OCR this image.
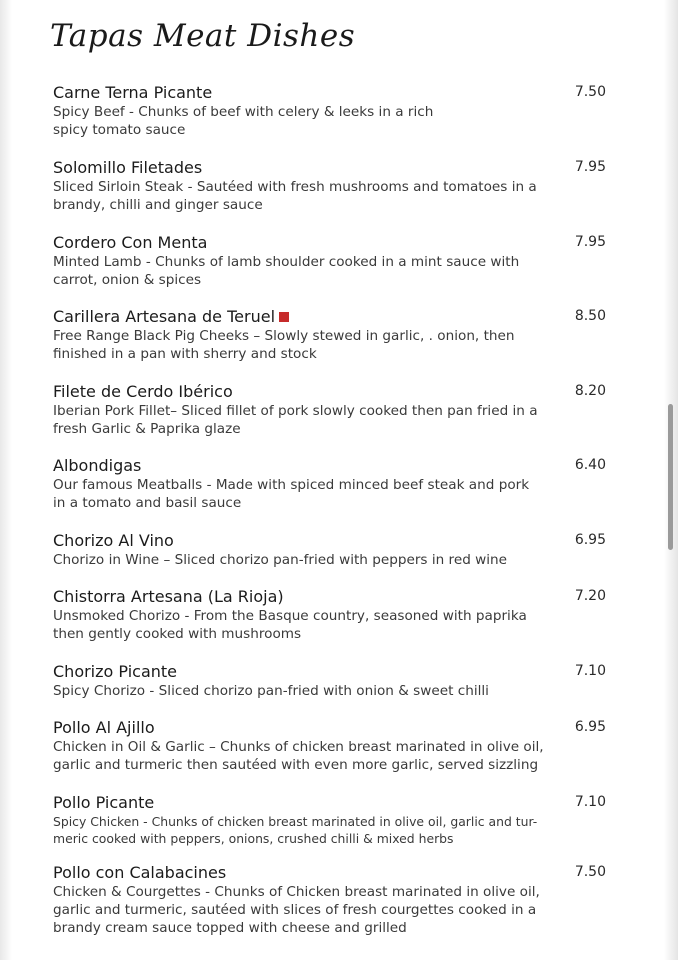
Tapas Meat Dishes
Carne Terna Picante
Spicy Beef - Chunks of beef with celery & leeks in a rich
spicy tomato sauce
7.50
Solomillo Filetades
Sliced Sirloin Steak - Sautéed with fresh mushrooms and tomatoes in a
brandy, chilli and ginger sauce
7.95
Cordero Con Menta
Minted Lamb - Chunks of lamb shoulder cooked in a mint sauce with
carrot, onion & spices
7.95
Carillera Artesana de Teruel
Free Range Black Pig Cheeks – Slowly stewed in garlic, . onion, then
finished in a pan with sherry and stock
8.50
Filete de Cerdo Ibérico
Iberian Pork Fillet– Sliced fillet of pork slowly cooked then pan fried in a
fresh Garlic & Paprika glaze
8.20
Albondigas
Our famous Meatballs - Made with spiced minced beef steak and pork
in a tomato and basil sauce
6.40
Chorizo Al Vino
Chorizo in Wine – Sliced chorizo pan-fried with peppers in red wine
6.95
Chistorra Artesana (La Rioja)
Unsmoked Chorizo - From the Basque country, seasoned with paprika
then gently cooked with mushrooms
7.20
Chorizo Picante
Spicy Chorizo - Sliced chorizo pan-fried with onion & sweet chilli
7.10
Pollo Al Ajillo
Chicken in Oil & Garlic – Chunks of chicken breast marinated in olive oil,
garlic and turmeric then sautéed with even more garlic, served sizzling
6.95
Pollo Picante
Spicy Chicken - Chunks of chicken breast marinated in olive oil, garlic and tur-
meric cooked with peppers, onions, crushed chilli & mixed herbs
7.10
Pollo con Calabacines
Chicken & Courgettes - Chunks of Chicken breast marinated in olive oil,
garlic and turmeric, sautéed with slices of fresh courgettes cooked in a
brandy cream sauce topped with cheese and grilled
7.50
